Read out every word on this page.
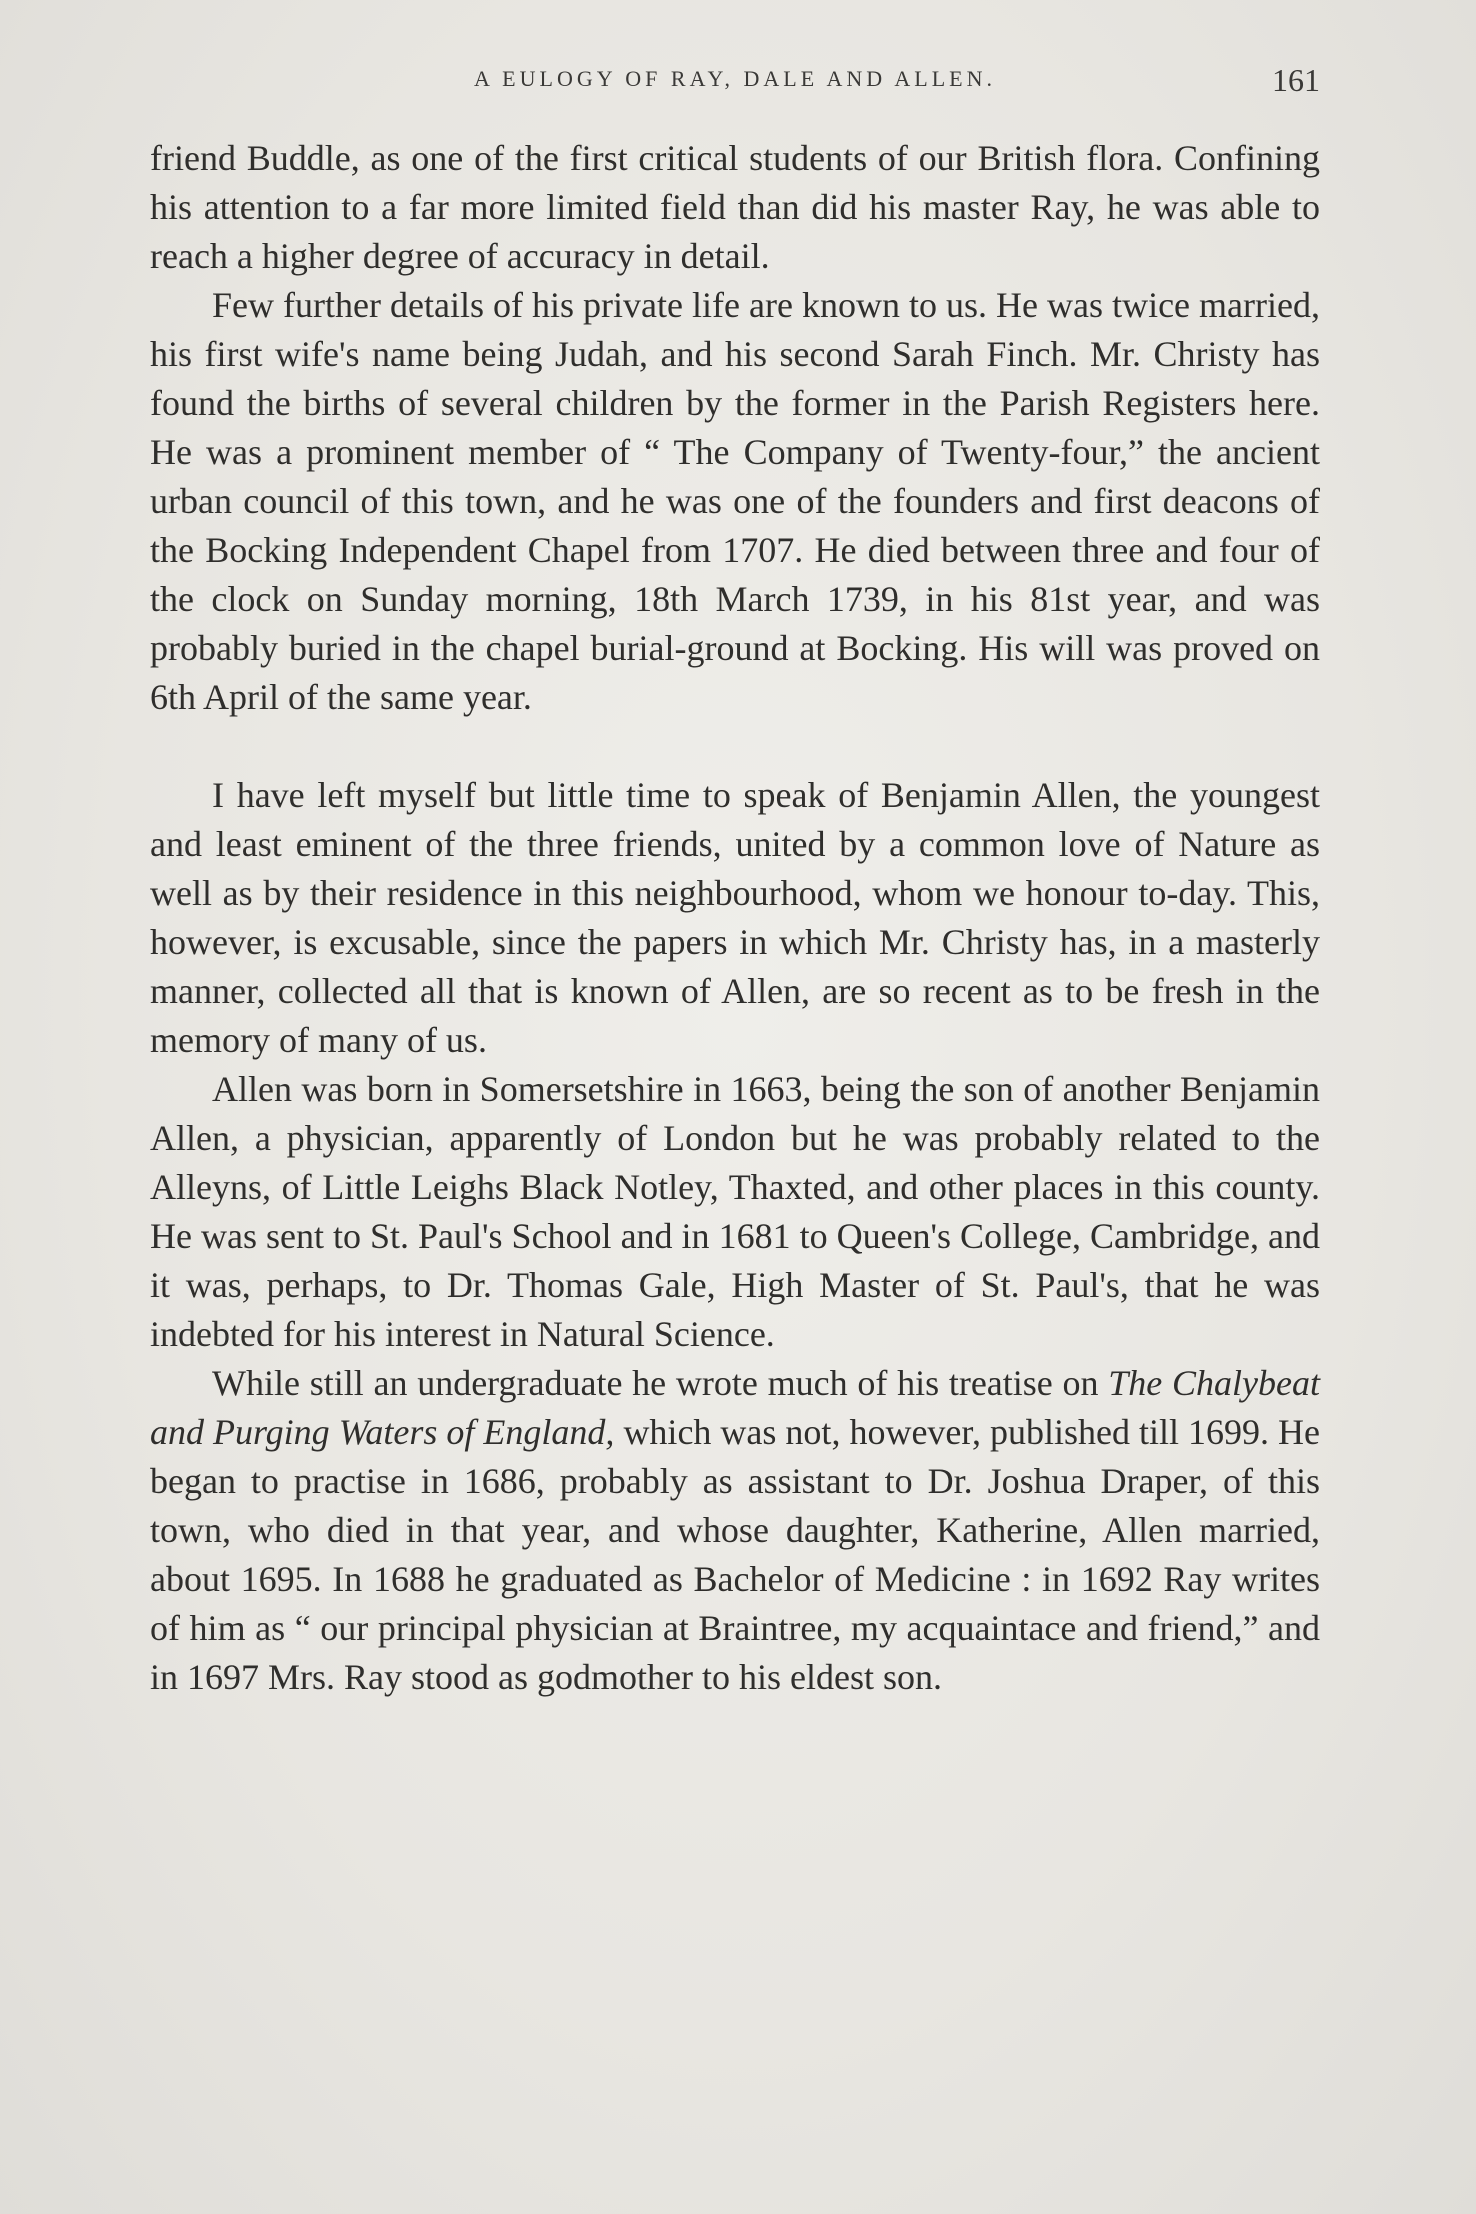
A EULOGY OF RAY, DALE AND ALLEN.	161

friend Buddle, as one of the first critical students of our British flora. Confining his attention to a far more limited field than did his master Ray, he was able to reach a higher degree of accuracy in detail.

Few further details of his private life are known to us. He was twice married, his first wife's name being Judah, and his second Sarah Finch. Mr. Christy has found the births of several children by the former in the Parish Registers here. He was a prominent member of “ The Company of Twenty-four,” the ancient urban council of this town, and he was one of the founders and first deacons of the Bocking Independent Chapel from 1707. He died between three and four of the clock on Sunday morning, 18th March 1739, in his 81st year, and was probably buried in the chapel burial-ground at Bocking. His will was proved on 6th April of the same year.

I have left myself but little time to speak of Benjamin Allen, the youngest and least eminent of the three friends, united by a common love of Nature as well as by their residence in this neighbourhood, whom we honour to-day. This, however, is excusable, since the papers in which Mr. Christy has, in a masterly manner, collected all that is known of Allen, are so recent as to be fresh in the memory of many of us.

Allen was born in Somersetshire in 1663, being the son of another Benjamin Allen, a physician, apparently of London but he was probably related to the Alleyns, of Little Leighs Black Notley, Thaxted, and other places in this county. He was sent to St. Paul's School and in 1681 to Queen's College, Cambridge, and it was, perhaps, to Dr. Thomas Gale, High Master of St. Paul's, that he was indebted for his interest in Natural Science.

While still an undergraduate he wrote much of his treatise on The Chalybeat and Purging Waters of England, which was not, however, published till 1699. He began to practise in 1686, probably as assistant to Dr. Joshua Draper, of this town, who died in that year, and whose daughter, Katherine, Allen married, about 1695. In 1688 he graduated as Bachelor of Medicine : in 1692 Ray writes of him as “ our principal physician at Braintree, my acquaintace and friend,” and in 1697 Mrs. Ray stood as godmother to his eldest son.
